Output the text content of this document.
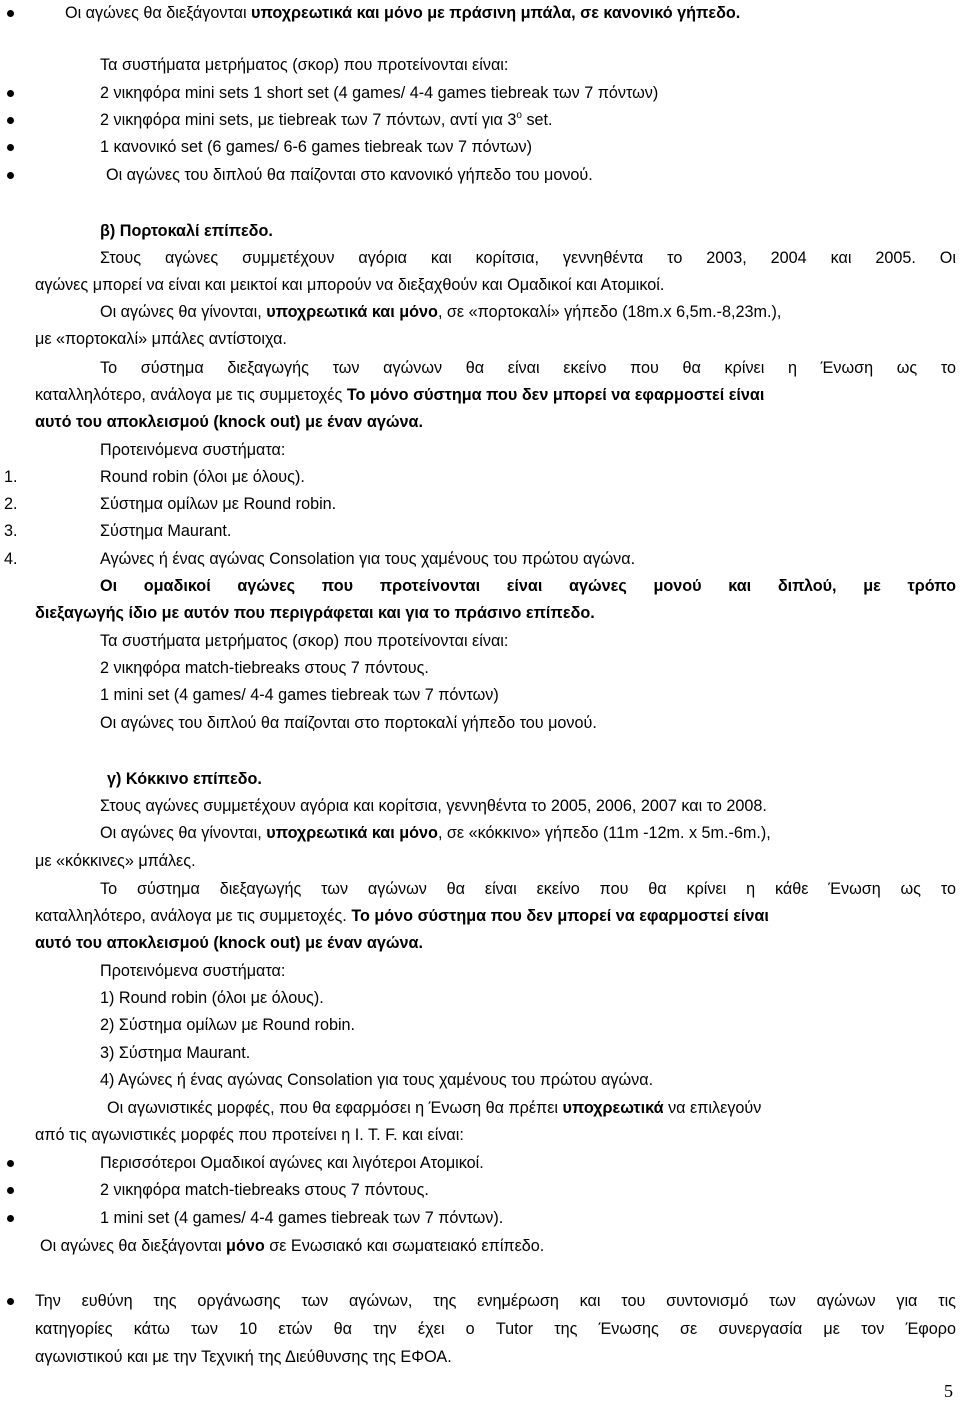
Οι αγώνες θα διεξάγονται υποχρεωτικά και μόνο με πράσινη μπάλα, σε κανονικό γήπεδο.
Τα συστήματα μετρήματος (σκορ) που προτείνονται είναι:
2 νικηφόρα mini sets 1 short set (4 games/ 4-4 games tiebreak των 7 πόντων)
2 νικηφόρα mini sets, με tiebreak των 7 πόντων, αντί για $3^o$ set.
1 κανονικό set (6 games/ 6-6 games tiebreak των 7 πόντων)
Οι αγώνες του διπλού θα παίζονται στο κανονικό γήπεδο του μονού.
β) Πορτοκαλί επίπεδο.
Στους αγώνες συμμετέχουν αγόρια και κορίτσια, γεννηθέντα το 2003, 2004 και 2005. Οι
αγώνες μπορεί να είναι και μεικτοί και μπορούν να διεξαχθούν και Ομαδικοί και Ατομικοί.
Οι αγώνες θα γίνονται, υποχρεωτικά και μόνο, σε «πορτοκαλί» γήπεδο (18m.x 6,5m.-8,23m.),
με «πορτοκαλί» μπάλες αντίστοιχα.
Το σύστημα διεξαγωγής των αγώνων θα είναι εκείνο που θα κρίνει η Ένωση ως το
καταλληλότερο, ανάλογα με τις συμμετοχές Το μόνο σύστημα που δεν μπορεί να εφαρμοστεί είναι
αυτό του αποκλεισμού (knock out) με έναν αγώνα.
Προτεινόμενα συστήματα:
1.	Round robin (όλοι με όλους).
2.	Σύστημα ομίλων με Round robin.
3.	Σύστημα Maurant.
4.	Αγώνες ή ένας αγώνας Consolation για τους χαμένους του πρώτου αγώνα.
Οι ομαδικοί αγώνες που προτείνονται είναι αγώνες μονού και διπλού, με τρόπο
διεξαγωγής ίδιο με αυτόν που περιγράφεται και για το πράσινο επίπεδο.
Τα συστήματα μετρήματος (σκορ) που προτείνονται είναι:
2 νικηφόρα match-tiebreaks στους 7 πόντους.
1 mini set (4 games/ 4-4 games tiebreak των 7 πόντων)
Οι αγώνες του διπλού θα παίζονται στο πορτοκαλί γήπεδο του μονού.
γ) Κόκκινο επίπεδο.
Στους αγώνες συμμετέχουν αγόρια και κορίτσια, γεννηθέντα το 2005, 2006, 2007 και το 2008.
Οι αγώνες θα γίνονται, υποχρεωτικά και μόνο, σε «κόκκινο» γήπεδο (11m -12m. x 5m.-6m.),
με «κόκκινες» μπάλες.
Το σύστημα διεξαγωγής των αγώνων θα είναι εκείνο που θα κρίνει η κάθε Ένωση ως το
καταλληλότερο, ανάλογα με τις συμμετοχές. Το μόνο σύστημα που δεν μπορεί να εφαρμοστεί είναι
αυτό του αποκλεισμού (knock out) με έναν αγώνα.
Προτεινόμενα συστήματα:
1) Round robin (όλοι με όλους).
2) Σύστημα ομίλων με Round robin.
3) Σύστημα Maurant.
4) Αγώνες ή ένας αγώνας Consolation για τους χαμένους του πρώτου αγώνα.
Οι αγωνιστικές μορφές, που θα εφαρμόσει η Ένωση θα πρέπει υποχρεωτικά να επιλεγούν
από τις αγωνιστικές μορφές που προτείνει η I. T. F. και είναι:
Περισσότεροι Ομαδικοί αγώνες και λιγότεροι Ατομικοί.
2 νικηφόρα match-tiebreaks στους 7 πόντους.
1 mini set (4 games/ 4-4 games tiebreak των 7 πόντων).
Οι αγώνες θα διεξάγονται μόνο σε Ενωσιακό και σωματειακό επίπεδο.
Την ευθύνη της οργάνωσης των αγώνων, της ενημέρωση και του συντονισμό των αγώνων για τις
κατηγορίες κάτω των 10 ετών θα την έχει ο Tutor της Ένωσης σε συνεργασία με τον Έφορο
αγωνιστικού και με την Τεχνική της Διεύθυνσης της ΕΦΟΑ.
5
